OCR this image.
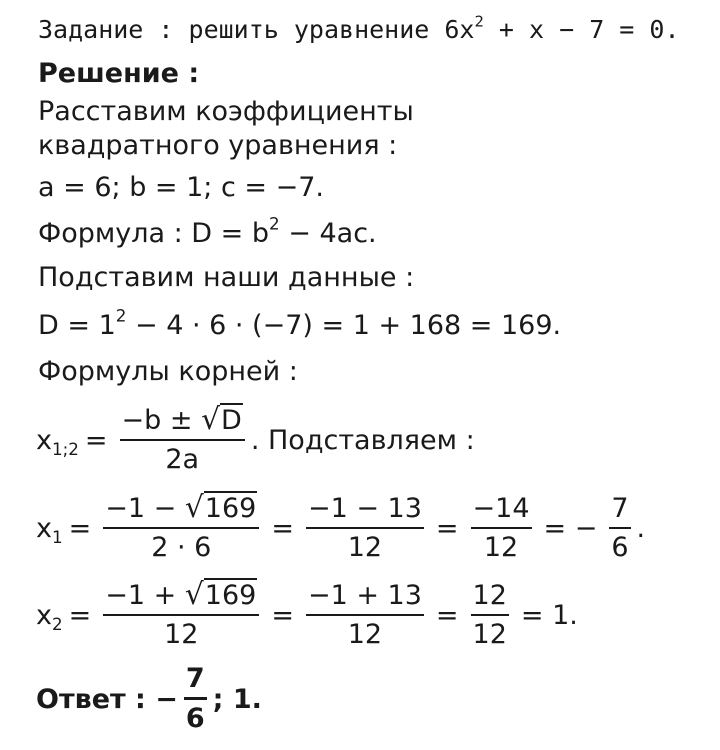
Задание : решить уравнение $6x^2 + x - 7 = 0$.
Решение :
Расставим коэффициенты
квадратного уравнения :
a = 6; b = 1; c = −7.
Формула : $D = b^2 - 4ac$.
Подставим наши данные :
$D = 1^2 - 4 \cdot 6 \cdot (-7) = 1 + 168 = 169$.
Формулы корней :
$x_{1;2} = \frac{-b \pm √D}{2a}$ . Подставляем :
$x_1 = \frac{-1 - √169}{2 \cdot 6} = \frac{-1 - 13}{12} = \frac{-14}{12}$ = − $\frac{7}{6}$ .
$x_2 = \frac{-1 + √169}{12} = \frac{-1 + 13}{12} = \frac{12}{12} = 1$.
Ответ : − $\frac{7}{6}$ ; 1.
